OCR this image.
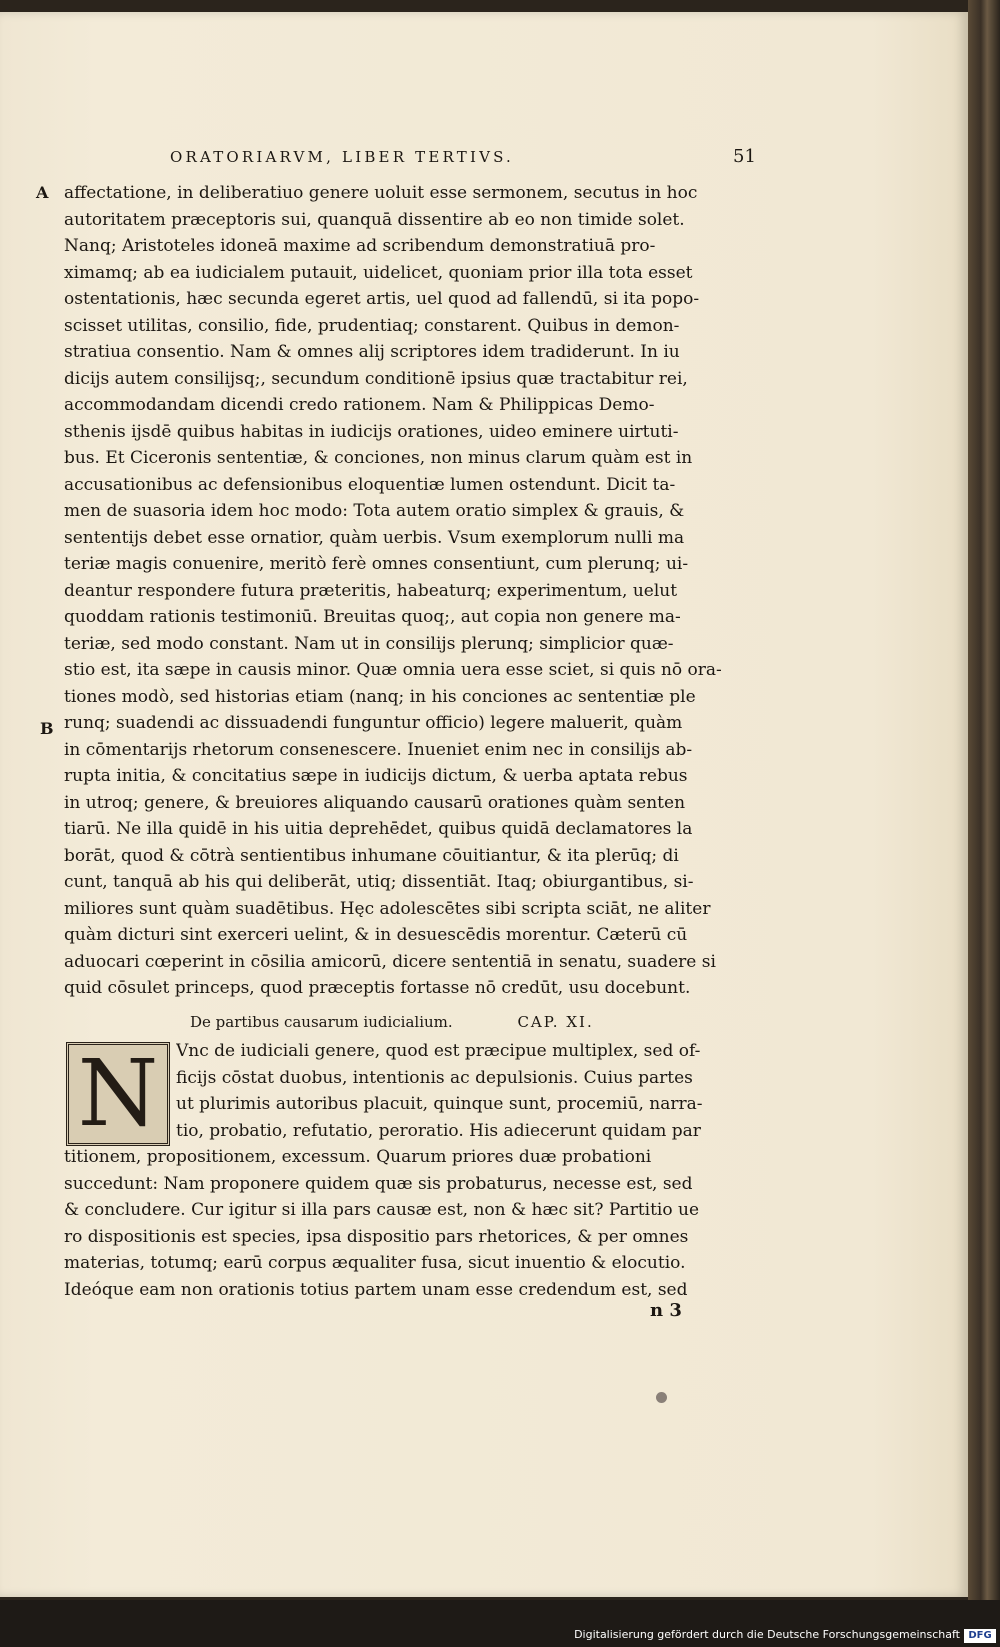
ORATORIARVM, LIBER TERTIVS.	51
A
B
affectatione, in deliberatiuo genere uoluit esse sermonem, secutus in hoc
autoritatem præceptoris sui, quanquā dissentire ab eo non timide solet.
Nanq; Aristoteles idoneā maxime ad scribendum demonstratiuā pro-
ximamq; ab ea iudicialem putauit, uidelicet, quoniam prior illa tota esset
ostentationis, hæc secunda egeret artis, uel quod ad fallendū, si ita popo-
scisset utilitas, consilio, fide, prudentiaq; constarent. Quibus in demon-
stratiua consentio. Nam & omnes alij scriptores idem tradiderunt. In iu
dicijs autem consilijsq;, secundum conditionē ipsius quæ tractabitur rei,
accommodandam dicendi credo rationem. Nam & Philippicas Demo-
sthenis ijsdē quibus habitas in iudicijs orationes, uideo eminere uirtuti-
bus. Et Ciceronis sententiæ, & conciones, non minus clarum quàm est in
accusationibus ac defensionibus eloquentiæ lumen ostendunt. Dicit ta-
men de suasoria idem hoc modo: Tota autem oratio simplex & grauis, &
sententijs debet esse ornatior, quàm uerbis. Vsum exemplorum nulli ma
teriæ magis conuenire, meritò ferè omnes consentiunt, cum plerunq; ui-
deantur respondere futura præteritis, habeaturq; experimentum, uelut
quoddam rationis testimoniū. Breuitas quoq;, aut copia non genere ma-
teriæ, sed modo constant. Nam ut in consilijs plerunq; simplicior quæ-
stio est, ita sæpe in causis minor. Quæ omnia uera esse sciet, si quis nō ora-
tiones modò, sed historias etiam (nanq; in his conciones ac sententiæ ple
runq; suadendi ac dissuadendi funguntur officio) legere maluerit, quàm
in cōmentarijs rhetorum consenescere. Inueniet enim nec in consilijs ab-
rupta initia, & concitatius sæpe in iudicijs dictum, & uerba aptata rebus
in utroq; genere, & breuiores aliquando causarū orationes quàm senten
tiarū. Ne illa quidē in his uitia deprehēdet, quibus quidā declamatores la
borāt, quod & cōtrà sentientibus inhumane cōuitiantur, & ita plerūq; di
cunt, tanquā ab his qui deliberāt, utiq; dissentiāt. Itaq; obiurgantibus, si-
miliores sunt quàm suadētibus. Hęc adolescētes sibi scripta sciāt, ne aliter
quàm dicturi sint exerceri uelint, & in desuescēdis morentur. Cæterū cū
aduocari cœperint in cōsilia amicorū, dicere sententiā in senatu, suadere si
quid cōsulet princeps, quod præceptis fortasse nō credūt, usu docebunt.
De partibus causarum iudicialium.	CAP. XI.
N	Vnc de iudiciali genere, quod est præcipue multiplex, sed of-
ficijs cōstat duobus, intentionis ac depulsionis. Cuius partes
ut plurimis autoribus placuit, quinque sunt, procemiū, narra-
tio, probatio, refutatio, peroratio. His adiecerunt quidam par
titionem, propositionem, excessum. Quarum priores duæ probationi
succedunt: Nam proponere quidem quæ sis probaturus, necesse est, sed
& concludere. Cur igitur si illa pars causæ est, non & hæc sit? Partitio ue
ro dispositionis est species, ipsa dispositio pars rhetorices, & per omnes
materias, totumq; earū corpus æqualiter fusa, sicut inuentio & elocutio.
Ideóque eam non orationis totius partem unam esse credendum est, sed
n 3
Digitalisierung gefördert durch die Deutsche Forschungsgemeinschaft DFG
